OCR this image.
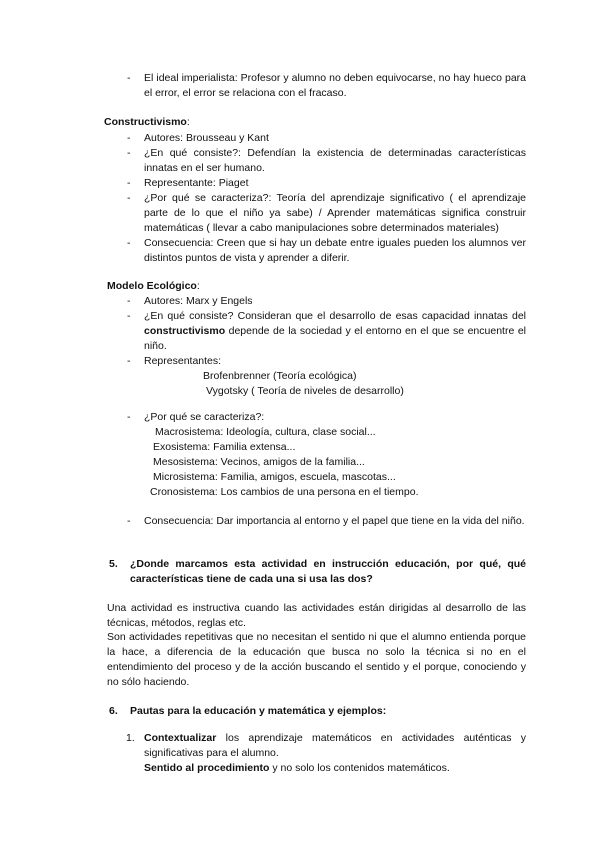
- El ideal imperialista: Profesor y alumno no deben equivocarse, no hay hueco para el error, el error se relaciona con el fracaso.
Constructivismo:
- Autores: Brousseau y Kant
- ¿En qué consiste?: Defendían la existencia de determinadas características innatas en el ser humano.
- Representante: Piaget
- ¿Por qué se caracteriza?: Teoría del aprendizaje significativo ( el aprendizaje parte de lo que el niño ya sabe) / Aprender matemáticas significa construir matemáticas ( llevar a cabo manipulaciones sobre determinados materiales)
- Consecuencia: Creen que si hay un debate entre iguales pueden los alumnos ver distintos puntos de vista y aprender a diferir.
Modelo Ecológico:
- Autores: Marx y Engels
- ¿En qué consiste? Consideran que el desarrollo de esas capacidad innatas del constructivismo depende de la sociedad y el entorno en el que se encuentre el niño.
- Representantes:
Brofenbrenner (Teoría ecológica)
Vygotsky ( Teoría de niveles de desarrollo)
- ¿Por qué se caracteriza?:
Macrosistema: Ideología, cultura, clase social...
Exosistema: Familia extensa...
Mesosistema: Vecinos, amigos de la familia...
Microsistema: Familia, amigos, escuela, mascotas...
Cronosistema: Los cambios de una persona en el tiempo.
- Consecuencia: Dar importancia al entorno y el papel que tiene en la vida del niño.
5. ¿Donde marcamos esta actividad en instrucción educación, por qué, qué características tiene de cada una si usa las dos?
Una actividad es instructiva cuando las actividades están dirigidas al desarrollo de las técnicas, métodos, reglas etc.
Son actividades repetitivas que no necesitan el sentido ni que el alumno entienda porque la hace, a diferencia de la educación que busca no solo la técnica si no en el entendimiento del proceso y de la acción buscando el sentido y el porque, conociendo y no sólo haciendo.
6. Pautas para la educación y matemática y ejemplos:
1. Contextualizar los aprendizaje matemáticos en actividades auténticas y significativas para el alumno.
Sentido al procedimiento y no solo los contenidos matemáticos.
